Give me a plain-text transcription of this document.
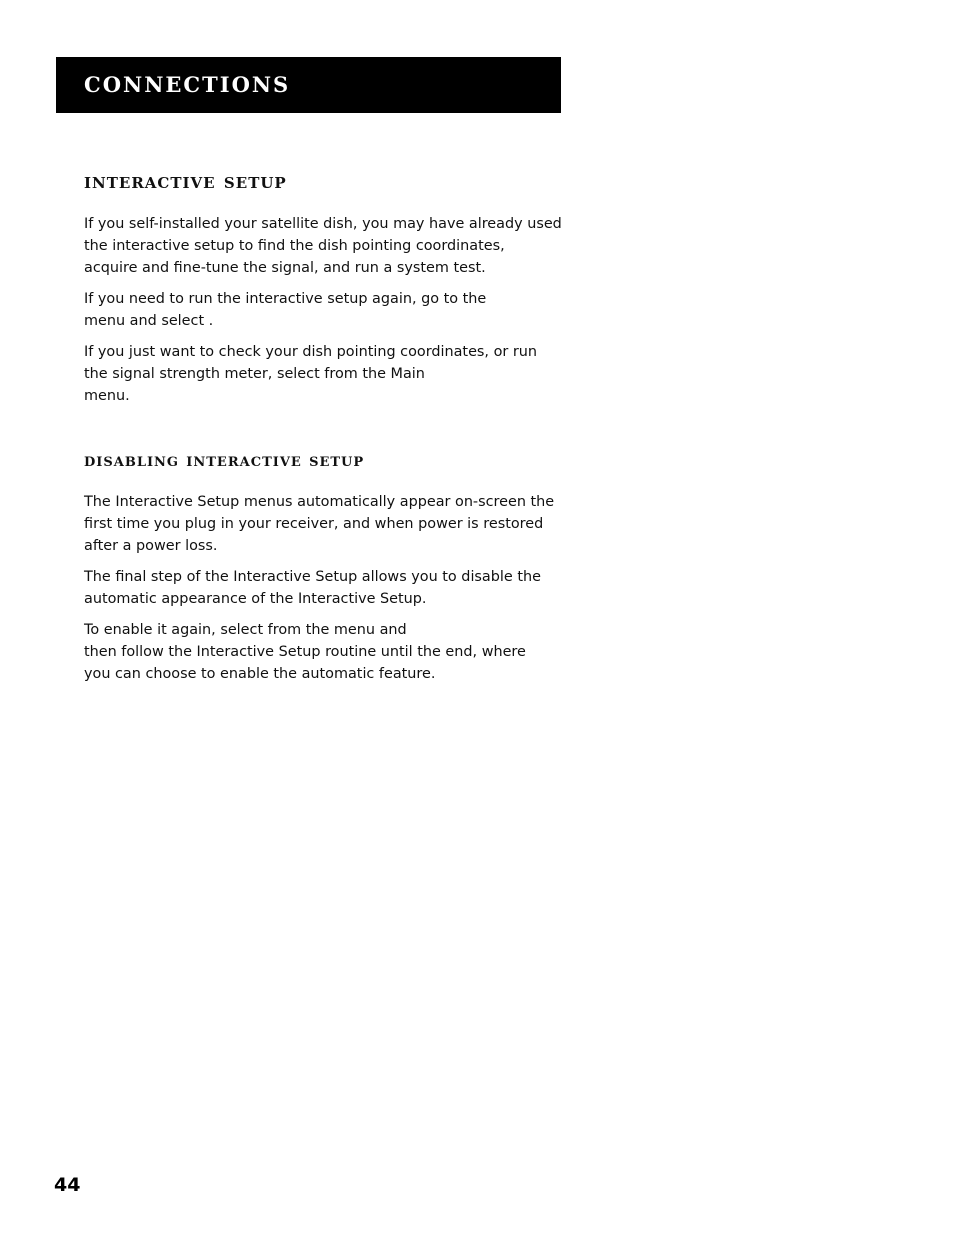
connections
interactive setup

If you self-installed your satellite dish, you may have already used
the interactive setup to find the dish pointing coordinates,
acquire and fine-tune the signal, and run a system test.

If you need to run the interactive setup again, go to the
menu and select .

If you just want to check your dish pointing coordinates, or run
the signal strength meter, select from the Main
menu.

disabling interactive setup

The Interactive Setup menus automatically appear on-screen the
first time you plug in your receiver, and when power is restored
after a power loss.

The final step of the Interactive Setup allows you to disable the
automatic appearance of the Interactive Setup.

To enable it again, select from the menu and
then follow the Interactive Setup routine until the end, where
you can choose to enable the automatic feature.

44
